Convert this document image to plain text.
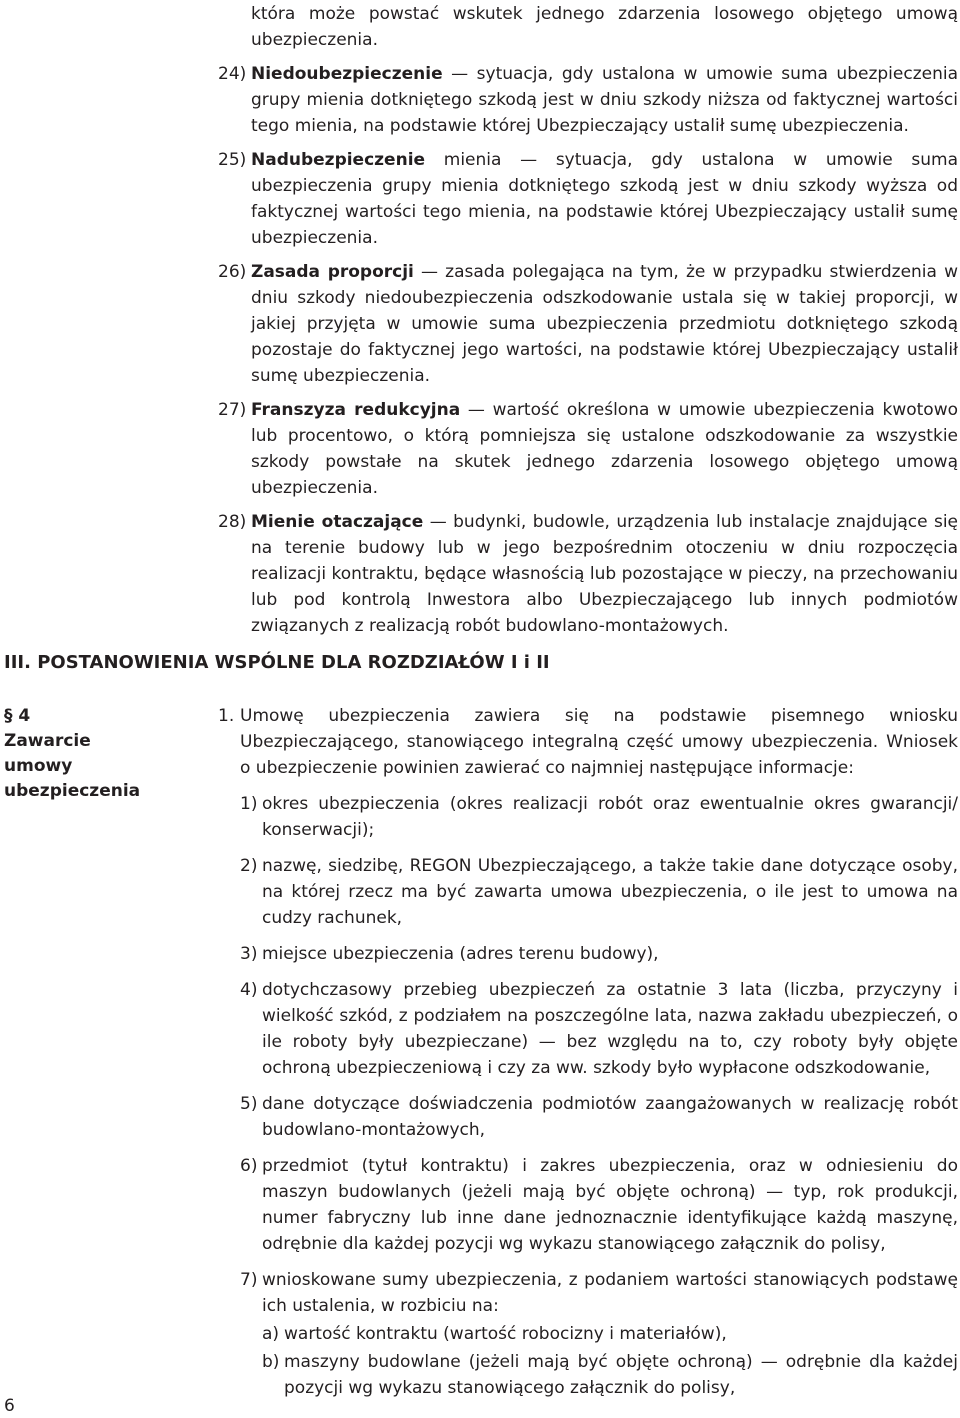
która może powstać wskutek jednego zdarzenia losowego objętego umową ubezpieczenia.
24) Niedoubezpieczenie — sytuacja, gdy ustalona w umowie suma ubezpieczenia grupy mienia dotkniętego szkodą jest w dniu szkody niższa od faktycznej wartości tego mienia, na podstawie której Ubezpieczający ustalił sumę ubezpieczenia.
25) Nadubezpieczenie mienia — sytuacja, gdy ustalona w umowie suma ubezpieczenia grupy mienia dotkniętego szkodą jest w dniu szkody wyższa od faktycznej wartości tego mienia, na podstawie której Ubezpieczający ustalił sumę ubezpieczenia.
26) Zasada proporcji — zasada polegająca na tym, że w przypadku stwierdzenia w dniu szkody niedoubezpieczenia odszkodowanie ustala się w takiej proporcji, w jakiej przyjęta w umowie suma ubezpieczenia przedmiotu dotkniętego szkodą pozostaje do faktycznej jego wartości, na podstawie której Ubezpieczający ustalił sumę ubezpieczenia.
27) Franszyza redukcyjna — wartość określona w umowie ubezpieczenia kwotowo lub procentowo, o którą pomniejsza się ustalone odszkodowanie za wszystkie szkody powstałe na skutek jednego zdarzenia losowego objętego umową ubezpieczenia.
28) Mienie otaczające — budynki, budowle, urządzenia lub instalacje znajdujące się na terenie budowy lub w jego bezpośrednim otoczeniu w dniu rozpoczęcia realizacji kontraktu, będące własnością lub pozostające w pieczy, na przechowaniu lub pod kontrolą Inwestora albo Ubezpieczającego lub innych podmiotów związanych z realizacją robót budowlano-montażowych.
III. POSTANOWIENIA WSPÓLNE DLA ROZDZIAŁÓW I i II
§ 4
Zawarcie umowy
ubezpieczenia
1. Umowę ubezpieczenia zawiera się na podstawie pisemnego wniosku Ubezpieczającego, stanowiącego integralną część umowy ubezpieczenia. Wniosek o ubezpieczenie powinien zawierać co najmniej następujące informacje:
1) okres ubezpieczenia (okres realizacji robót oraz ewentualnie okres gwarancji/ konserwacji);
2) nazwę, siedzibę, REGON Ubezpieczającego, a także takie dane dotyczące osoby, na której rzecz ma być zawarta umowa ubezpieczenia, o ile jest to umowa na cudzy rachunek,
3) miejsce ubezpieczenia (adres terenu budowy),
4) dotychczasowy przebieg ubezpieczeń za ostatnie 3 lata (liczba, przyczyny i wielkość szkód, z podziałem na poszczególne lata, nazwa zakładu ubezpieczeń, o ile roboty były ubezpieczane) — bez względu na to, czy roboty były objęte ochroną ubezpieczeniową i czy za ww. szkody było wypłacone odszkodowanie,
5) dane dotyczące doświadczenia podmiotów zaangażowanych w realizację robót budowlano-montażowych,
6) przedmiot (tytuł kontraktu) i zakres ubezpieczenia, oraz w odniesieniu do maszyn budowlanych (jeżeli mają być objęte ochroną) — typ, rok produkcji, numer fabryczny lub inne dane jednoznacznie identyfikujące każdą maszynę, odrębnie dla każdej pozycji wg wykazu stanowiącego załącznik do polisy,
7) wnioskowane sumy ubezpieczenia, z podaniem wartości stanowiących podstawę ich ustalenia, w rozbiciu na:
a) wartość kontraktu (wartość robocizny i materiałów),
b) maszyny budowlane (jeżeli mają być objęte ochroną) — odrębnie dla każdej pozycji wg wykazu stanowiącego załącznik do polisy,
6
